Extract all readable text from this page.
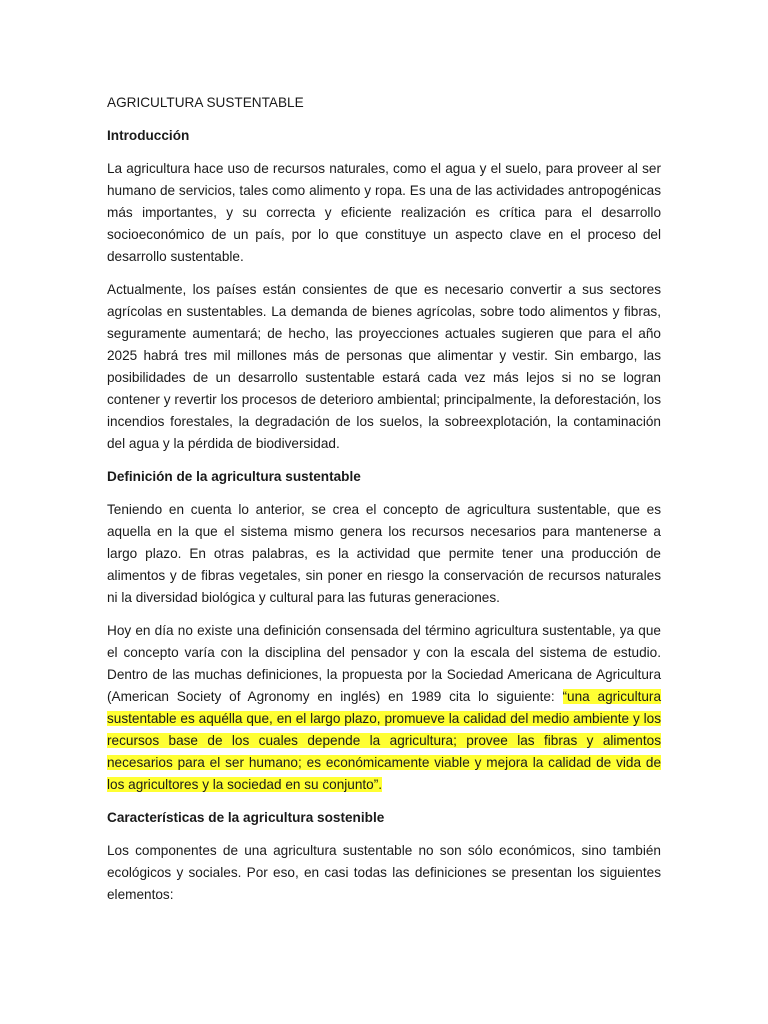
AGRICULTURA SUSTENTABLE
Introducción

La agricultura hace uso de recursos naturales, como el agua y el suelo, para proveer al ser humano de servicios, tales como alimento y ropa. Es una de las actividades antropogénicas más importantes, y su correcta y eficiente realización es crítica para el desarrollo socioeconómico de un país, por lo que constituye un aspecto clave en el proceso del desarrollo sustentable.

Actualmente, los países están consientes de que es necesario convertir a sus sectores agrícolas en sustentables. La demanda de bienes agrícolas, sobre todo alimentos y fibras, seguramente aumentará; de hecho, las proyecciones actuales sugieren que para el año 2025 habrá tres mil millones más de personas que alimentar y vestir. Sin embargo, las posibilidades de un desarrollo sustentable estará cada vez más lejos si no se logran contener y revertir los procesos de deterioro ambiental; principalmente, la deforestación, los incendios forestales, la degradación de los suelos, la sobreexplotación, la contaminación del agua y la pérdida de biodiversidad.

Definición de la agricultura sustentable

Teniendo en cuenta lo anterior, se crea el concepto de agricultura sustentable, que es aquella en la que el sistema mismo genera los recursos necesarios para mantenerse a largo plazo. En otras palabras, es la actividad que permite tener una producción de alimentos y de fibras vegetales, sin poner en riesgo la conservación de recursos naturales ni la diversidad biológica y cultural para las futuras generaciones.

Hoy en día no existe una definición consensada del término agricultura sustentable, ya que el concepto varía con la disciplina del pensador y con la escala del sistema de estudio. Dentro de las muchas definiciones, la propuesta por la Sociedad Americana de Agricultura (American Society of Agronomy en inglés) en 1989 cita lo siguiente: “una agricultura sustentable es aquélla que, en el largo plazo, promueve la calidad del medio ambiente y los recursos base de los cuales depende la agricultura; provee las fibras y alimentos necesarios para el ser humano; es económicamente viable y mejora la calidad de vida de los agricultores y la sociedad en su conjunto”.

Características de la agricultura sostenible

Los componentes de una agricultura sustentable no son sólo económicos, sino también ecológicos y sociales. Por eso, en casi todas las definiciones se presentan los siguientes elementos:
